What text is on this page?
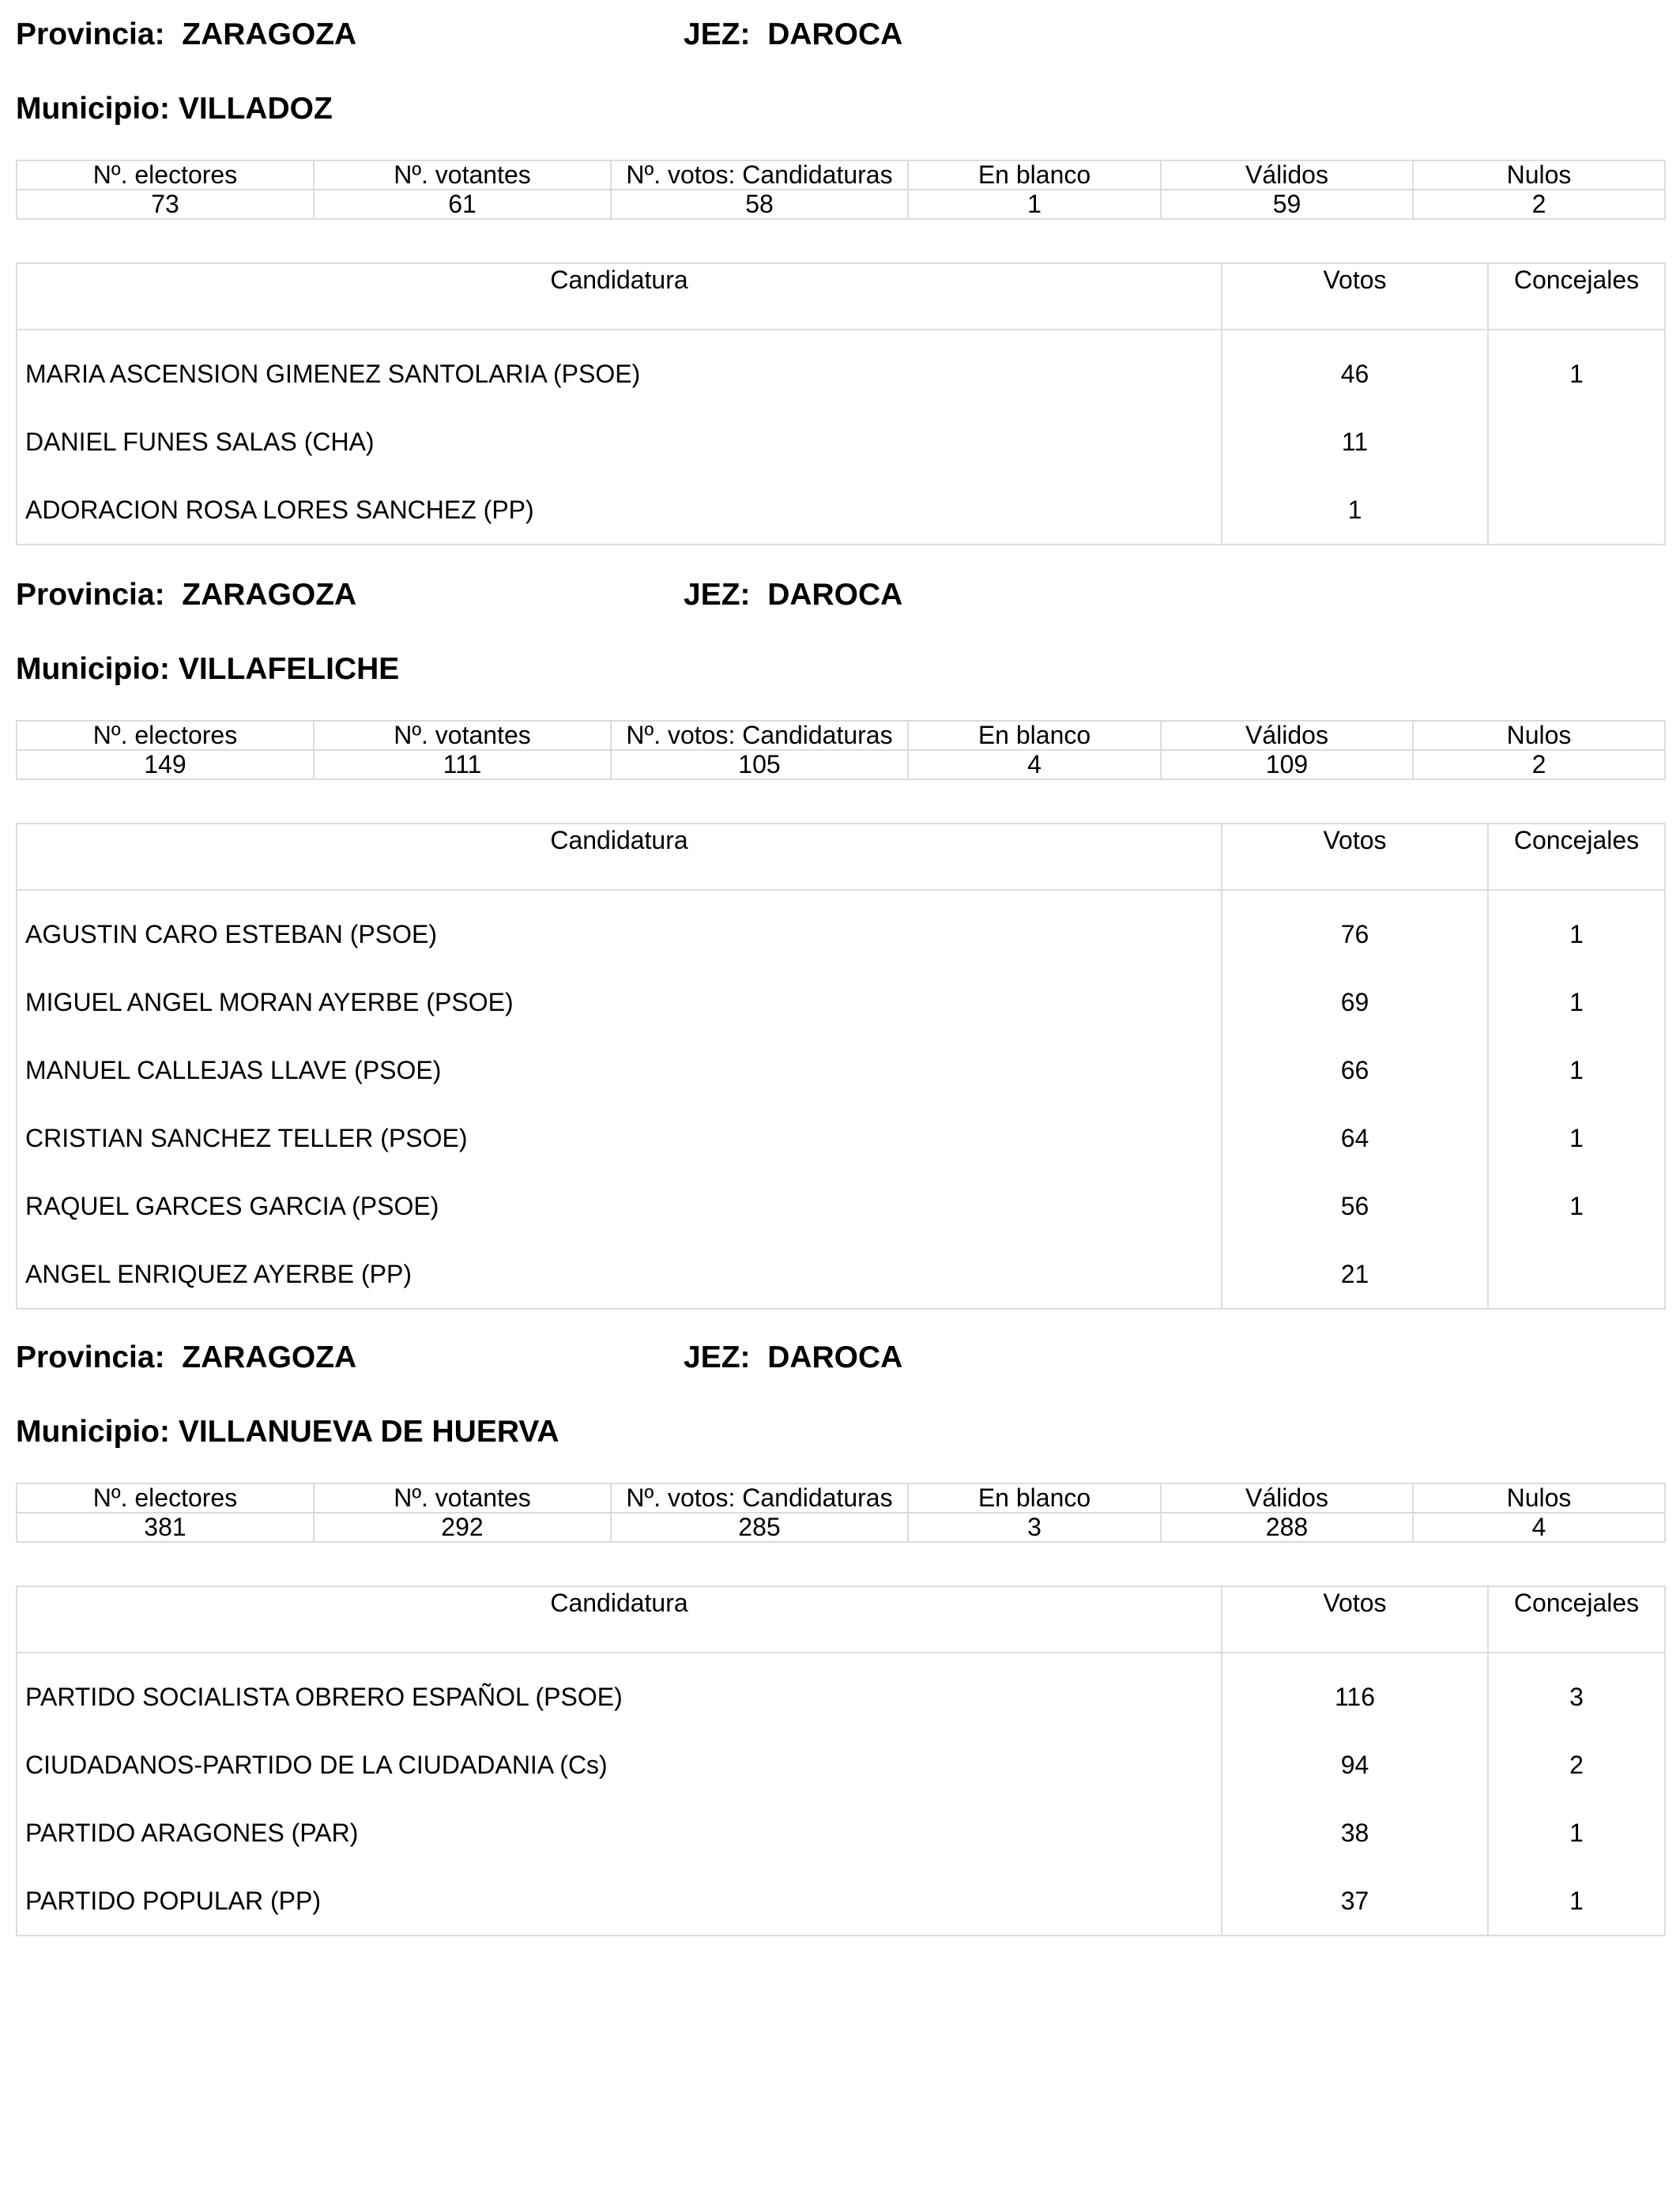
Provincia: ZARAGOZA	JEZ: DAROCA
Municipio: VILLADOZ
Nº. electores	Nº. votantes	Nº. votos: Candidaturas	En blanco	Válidos	Nulos
73	61	58	1	59	2
Candidatura	Votos	Concejales
MARIA ASCENSION GIMENEZ SANTOLARIA (PSOE)	46	1
DANIEL FUNES SALAS (CHA)	11	
ADORACION ROSA LORES SANCHEZ (PP)	1	
Provincia: ZARAGOZA	JEZ: DAROCA
Municipio: VILLAFELICHE
Nº. electores	Nº. votantes	Nº. votos: Candidaturas	En blanco	Válidos	Nulos
149	111	105	4	109	2
Candidatura	Votos	Concejales
AGUSTIN CARO ESTEBAN (PSOE)	76	1
MIGUEL ANGEL MORAN AYERBE (PSOE)	69	1
MANUEL CALLEJAS LLAVE (PSOE)	66	1
CRISTIAN SANCHEZ TELLER (PSOE)	64	1
RAQUEL GARCES GARCIA (PSOE)	56	1
ANGEL ENRIQUEZ AYERBE (PP)	21	
Provincia: ZARAGOZA	JEZ: DAROCA
Municipio: VILLANUEVA DE HUERVA
Nº. electores	Nº. votantes	Nº. votos: Candidaturas	En blanco	Válidos	Nulos
381	292	285	3	288	4
Candidatura	Votos	Concejales
PARTIDO SOCIALISTA OBRERO ESPAÑOL (PSOE)	116	3
CIUDADANOS-PARTIDO DE LA CIUDADANIA (Cs)	94	2
PARTIDO ARAGONES (PAR)	38	1
PARTIDO POPULAR (PP)	37	1
